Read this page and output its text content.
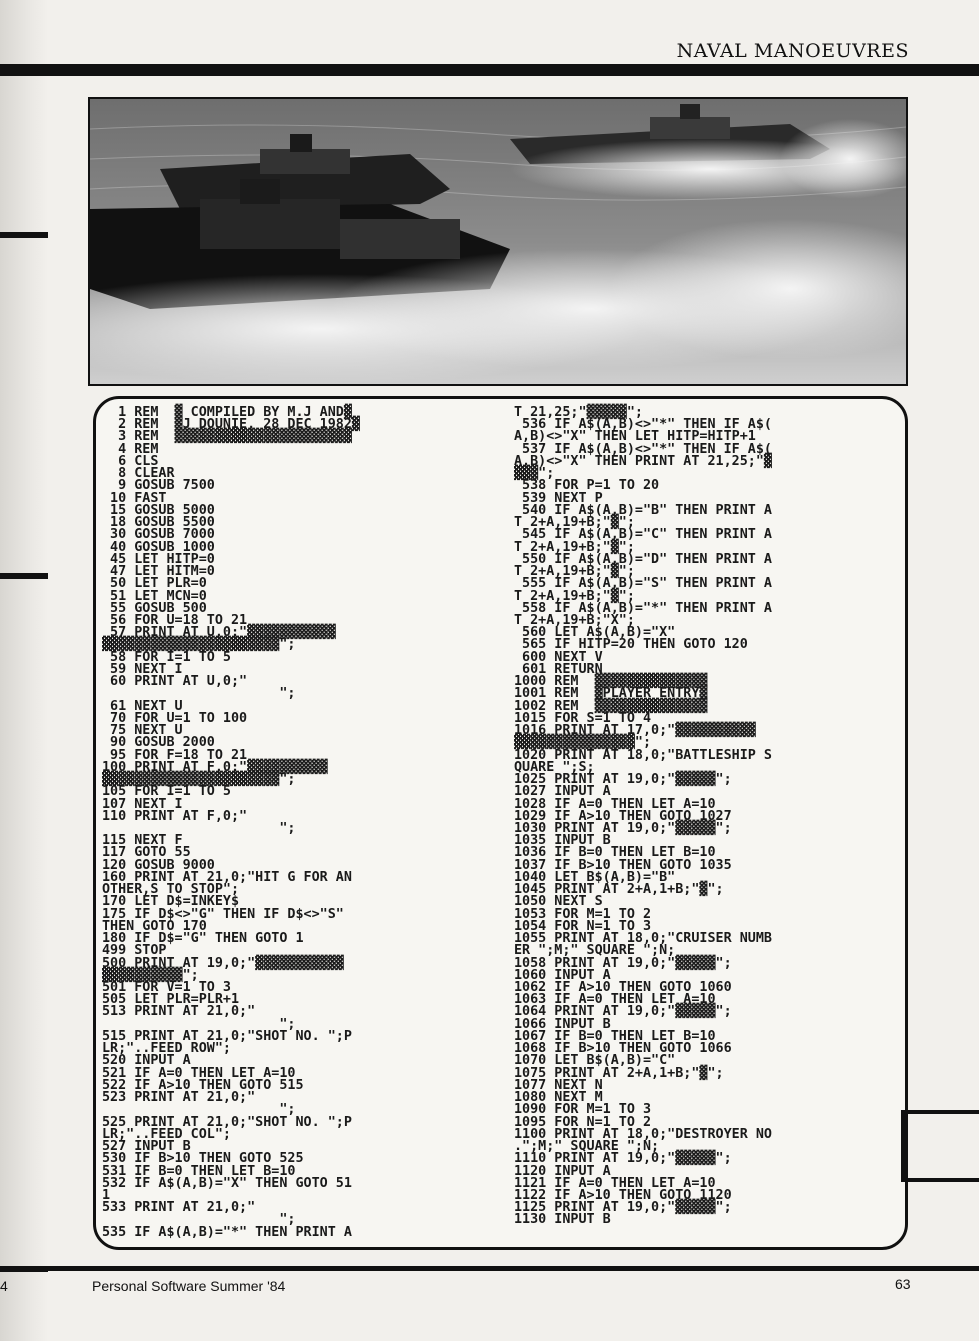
NAVAL MANOEUVRES
1 REM  ▓ COMPILED BY M.J AND▓
2 REM  ▓J DOUNIE, 28 DEC 1982▓
3 REM  ▓▓▓▓▓▓▓▓▓▓▓▓▓▓▓▓▓▓▓▓▓▓
4 REM
6 CLS
8 CLEAR
9 GOSUB 7500
10 FAST
15 GOSUB 5000
18 GOSUB 5500
30 GOSUB 7000
40 GOSUB 1000
45 LET HITP=0
47 LET HITM=0
50 LET PLR=0
51 LET MCN=0
55 GOSUB 500
56 FOR U=18 TO 21
57 PRINT AT U,0;"▓▓▓▓▓▓▓▓▓▓▓
▓▓▓▓▓▓▓▓▓▓▓▓▓▓▓▓▓▓▓▓▓▓";
58 FOR I=1 TO 5
59 NEXT I
60 PRINT AT U,0;"
";
61 NEXT U
70 FOR U=1 TO 100
75 NEXT U
90 GOSUB 2000
95 FOR F=18 TO 21
100 PRINT AT F,0;"▓▓▓▓▓▓▓▓▓▓
▓▓▓▓▓▓▓▓▓▓▓▓▓▓▓▓▓▓▓▓▓▓";
105 FOR I=1 TO 5
107 NEXT I
110 PRINT AT F,0;"
";
115 NEXT F
117 GOTO 55
120 GOSUB 9000
160 PRINT AT 21,0;"HIT G FOR AN
OTHER,S TO STOP";
170 LET D$=INKEY$
175 IF D$<>"G" THEN IF D$<>"S"
THEN GOTO 170
180 IF D$="G" THEN GOTO 1
499 STOP
500 PRINT AT 19,0;"▓▓▓▓▓▓▓▓▓▓▓
▓▓▓▓▓▓▓▓▓▓";
501 FOR V=1 TO 3
505 LET PLR=PLR+1
513 PRINT AT 21,0;"
";
515 PRINT AT 21,0;"SHOT NO. ";P
LR;"..FEED ROW";
520 INPUT A
521 IF A=0 THEN LET A=10
522 IF A>10 THEN GOTO 515
523 PRINT AT 21,0;"
";
525 PRINT AT 21,0;"SHOT NO. ";P
LR;"..FEED COL";
527 INPUT B
530 IF B>10 THEN GOTO 525
531 IF B=0 THEN LET B=10
532 IF A$(A,B)="X" THEN GOTO 51
1
533 PRINT AT 21,0;"
";
535 IF A$(A,B)="*" THEN PRINT A
T 21,25;"▓▓▓▓▓";
536 IF A$(A,B)<>"*" THEN IF A$(
A,B)<>"X" THEN LET HITP=HITP+1
537 IF A$(A,B)<>"*" THEN IF A$(
A,B)<>"X" THEN PRINT AT 21,25;"▓
▓▓▓";
538 FOR P=1 TO 20
539 NEXT P
540 IF A$(A,B)="B" THEN PRINT A
T 2+A,19+B;"▓";
545 IF A$(A,B)="C" THEN PRINT A
T 2+A,19+B;"▓";
550 IF A$(A,B)="D" THEN PRINT A
T 2+A,19+B;"▓";
555 IF A$(A,B)="S" THEN PRINT A
T 2+A,19+B;"▓";
558 IF A$(A,B)="*" THEN PRINT A
T 2+A,19+B;"X";
560 LET A$(A,B)="X"
565 IF HITP=20 THEN GOTO 120
600 NEXT V
601 RETURN
1000 REM  ▓▓▓▓▓▓▓▓▓▓▓▓▓▓
1001 REM  ▓PLAYER ENTRY▓
1002 REM  ▓▓▓▓▓▓▓▓▓▓▓▓▓▓
1015 FOR S=1 TO 4
1016 PRINT AT 17,0;"▓▓▓▓▓▓▓▓▓▓
▓▓▓▓▓▓▓▓▓▓▓▓▓▓▓";
1020 PRINT AT 18,0;"BATTLESHIP S
QUARE ";S;
1025 PRINT AT 19,0;"▓▓▓▓▓";
1027 INPUT A
1028 IF A=0 THEN LET A=10
1029 IF A>10 THEN GOTO 1027
1030 PRINT AT 19,0;"▓▓▓▓▓";
1035 INPUT B
1036 IF B=0 THEN LET B=10
1037 IF B>10 THEN GOTO 1035
1040 LET B$(A,B)="B"
1045 PRINT AT 2+A,1+B;"▓";
1050 NEXT S
1053 FOR M=1 TO 2
1054 FOR N=1 TO 3
1055 PRINT AT 18,0;"CRUISER NUMB
ER ";M;" SQUARE ";N;
1058 PRINT AT 19,0;"▓▓▓▓▓";
1060 INPUT A
1062 IF A>10 THEN GOTO 1060
1063 IF A=0 THEN LET A=10
1064 PRINT AT 19,0;"▓▓▓▓▓";
1066 INPUT B
1067 IF B=0 THEN LET B=10
1068 IF B>10 THEN GOTO 1066
1070 LET B$(A,B)="C"
1075 PRINT AT 2+A,1+B;"▓";
1077 NEXT N
1080 NEXT M
1090 FOR M=1 TO 3
1095 FOR N=1 TO 2
1100 PRINT AT 18,0;"DESTROYER NO
.";M;" SQUARE ";N;
1110 PRINT AT 19,0;"▓▓▓▓▓";
1120 INPUT A
1121 IF A=0 THEN LET A=10
1122 IF A>10 THEN GOTO 1120
1125 PRINT AT 19,0;"▓▓▓▓▓";
1130 INPUT B
4	Personal Software Summer '84	63
